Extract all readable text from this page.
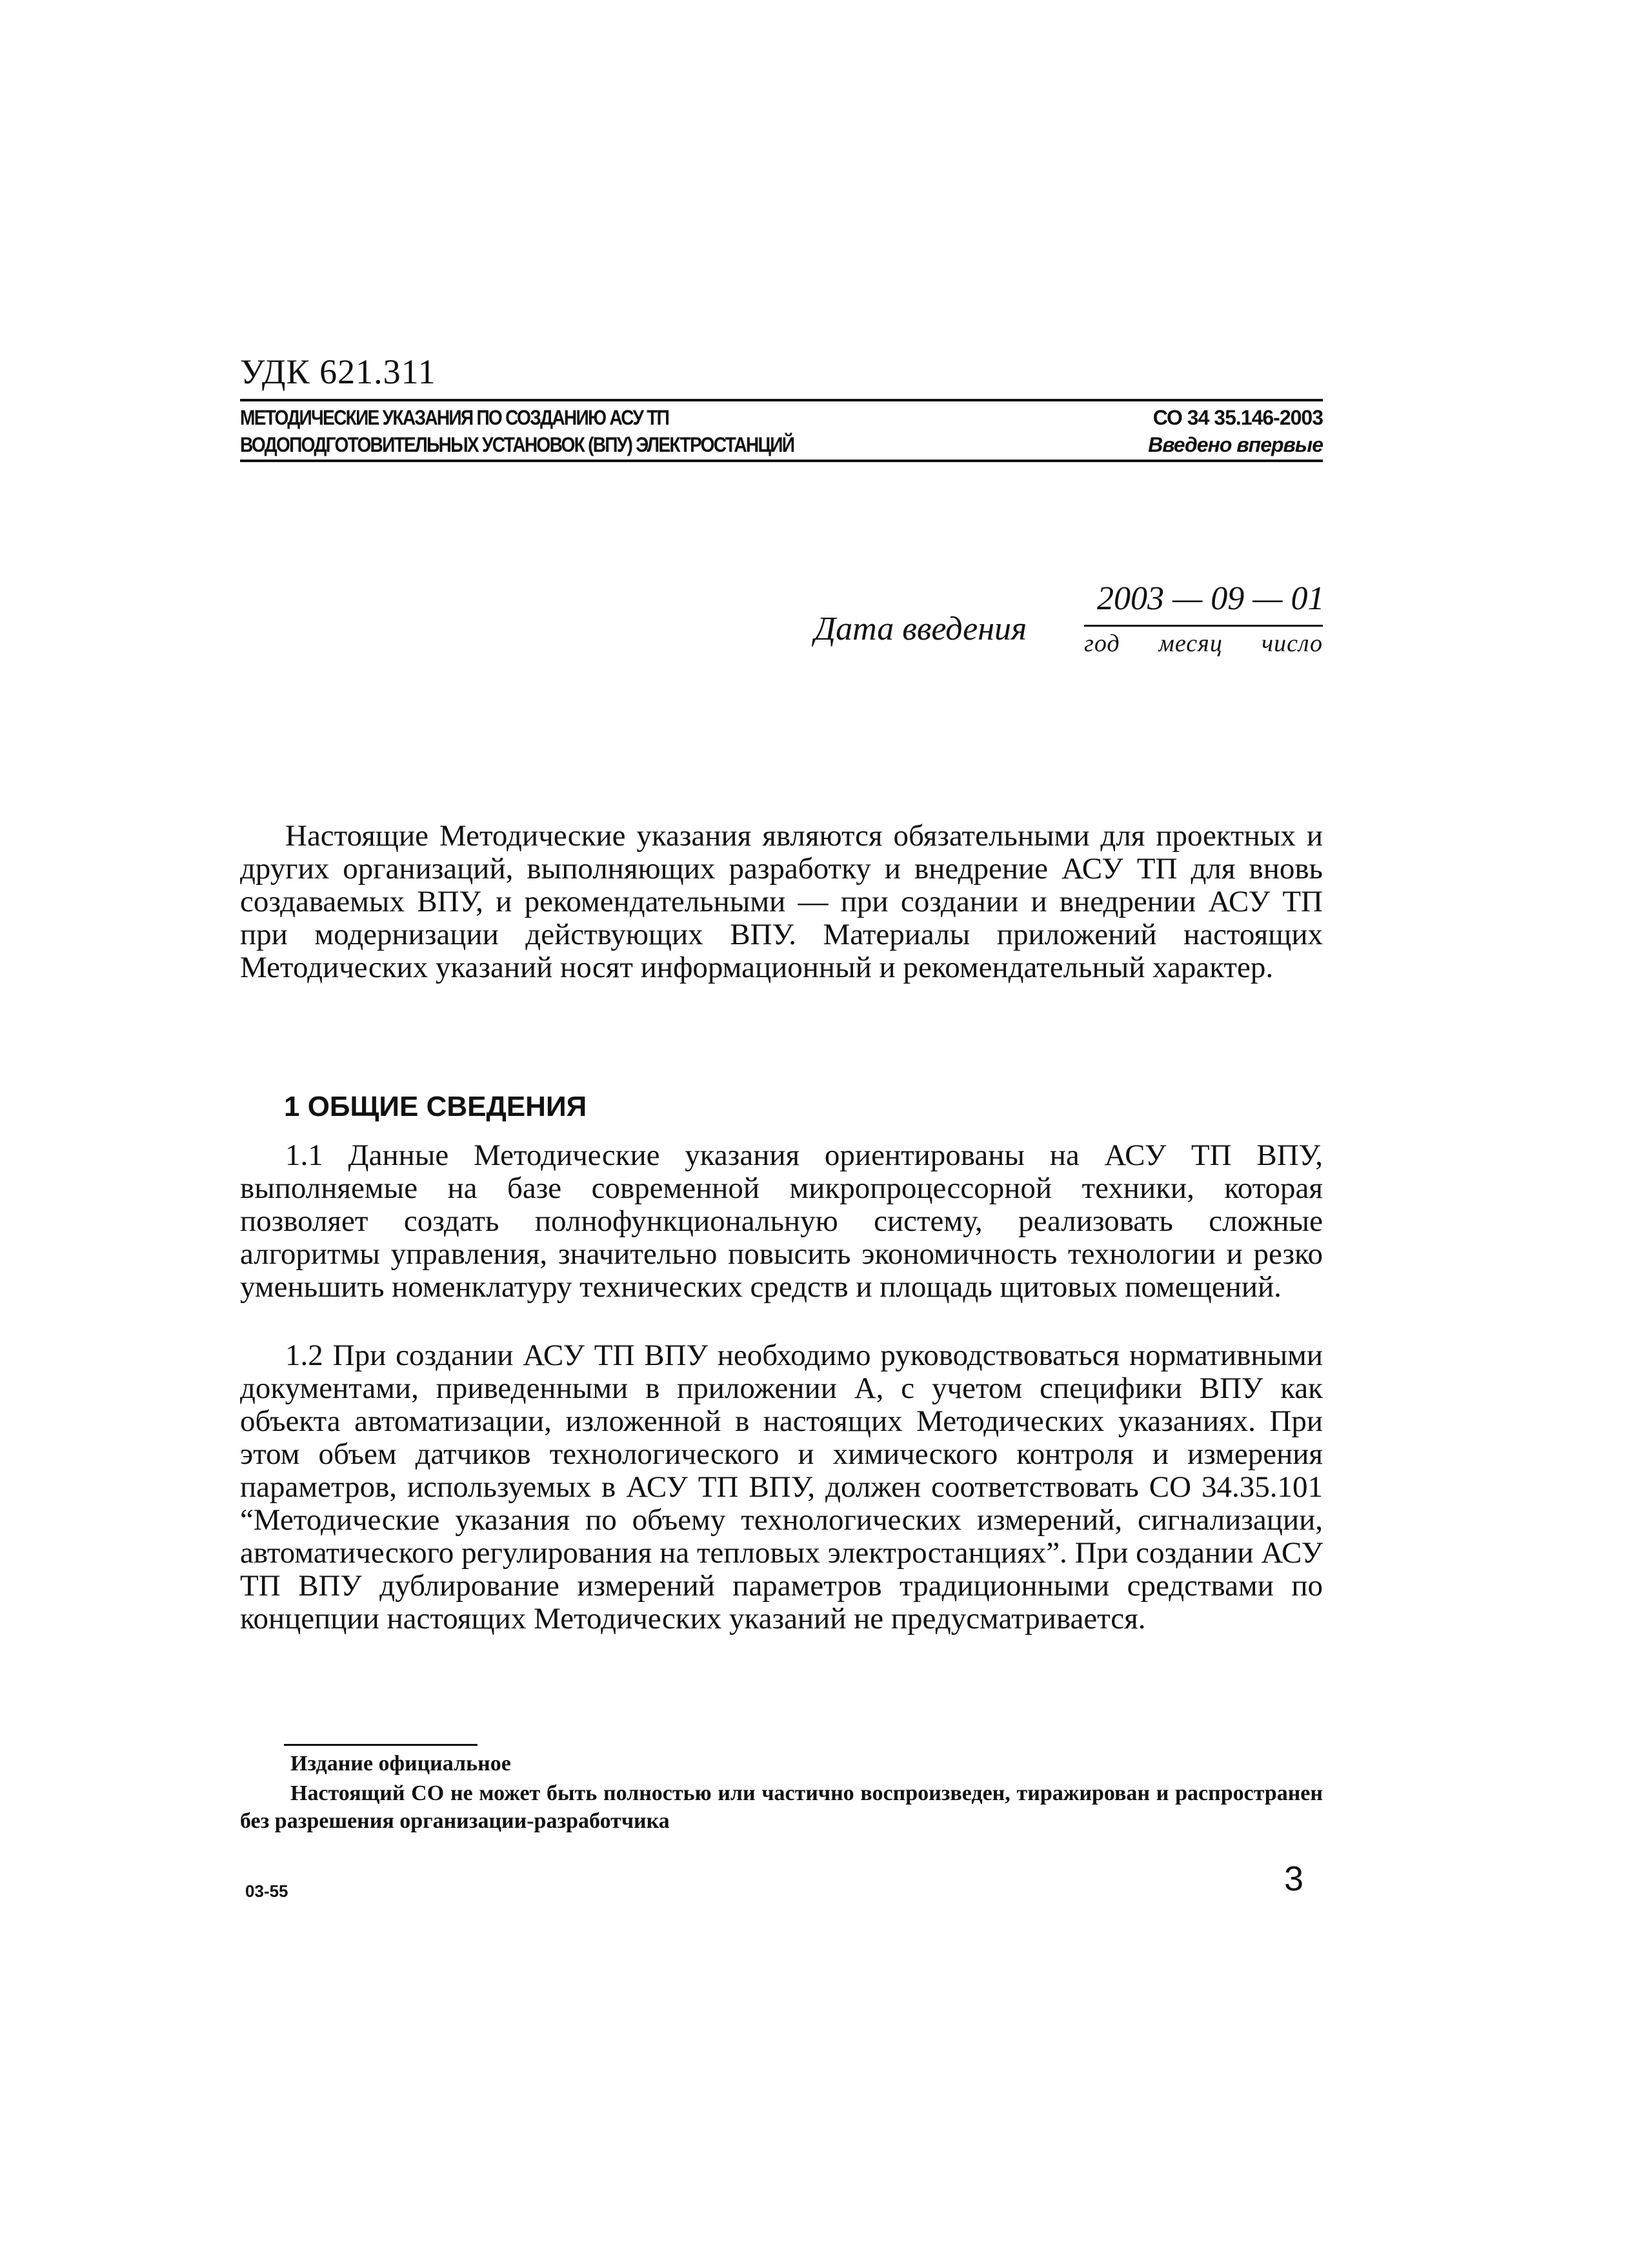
УДК 621.311
МЕТОДИЧЕСКИЕ УКАЗАНИЯ ПО СОЗДАНИЮ АСУ ТП
ВОДОПОДГОТОВИТЕЛЬНЫХ УСТАНОВОК (ВПУ) ЭЛЕКТРОСТАНЦИЙ
СО 34 35.146-2003
Введено впервые
Дата введения
2003 — 09 — 01
год месяц число

Настоящие Методические указания являются обязательными для проектных и других организаций, выполняющих разработку и внедрение АСУ ТП для вновь создаваемых ВПУ, и рекомендательными — при создании и внедрении АСУ ТП при модернизации действующих ВПУ. Материалы приложений настоящих Методических указаний носят информационный и рекомендательный характер.

1 ОБЩИЕ СВЕДЕНИЯ

1.1 Данные Методические указания ориентированы на АСУ ТП ВПУ, выполняемые на базе современной микропроцессорной техники, которая позволяет создать полнофункциональную систему, реализовать сложные алгоритмы управления, значительно повысить экономичность технологии и резко уменьшить номенклатуру технических средств и площадь щитовых помещений.

1.2 При создании АСУ ТП ВПУ необходимо руководствоваться нормативными документами, приведенными в приложении А, с учетом специфики ВПУ как объекта автоматизации, изложенной в настоящих Методических указаниях. При этом объем датчиков технологического и химического контроля и измерения параметров, используемых в АСУ ТП ВПУ, должен соответствовать СО 34.35.101 “Методические указания по объему технологических измерений, сигнализации, автоматического регулирования на тепловых электростанциях”. При создании АСУ ТП ВПУ дублирование измерений параметров традиционными средствами по концепции настоящих Методических указаний не предусматривается.

Издание официальное

Настоящий СО не может быть полностью или частично воспроизведен, тиражирован и распространен без разрешения организации-разработчика

03-55	3
